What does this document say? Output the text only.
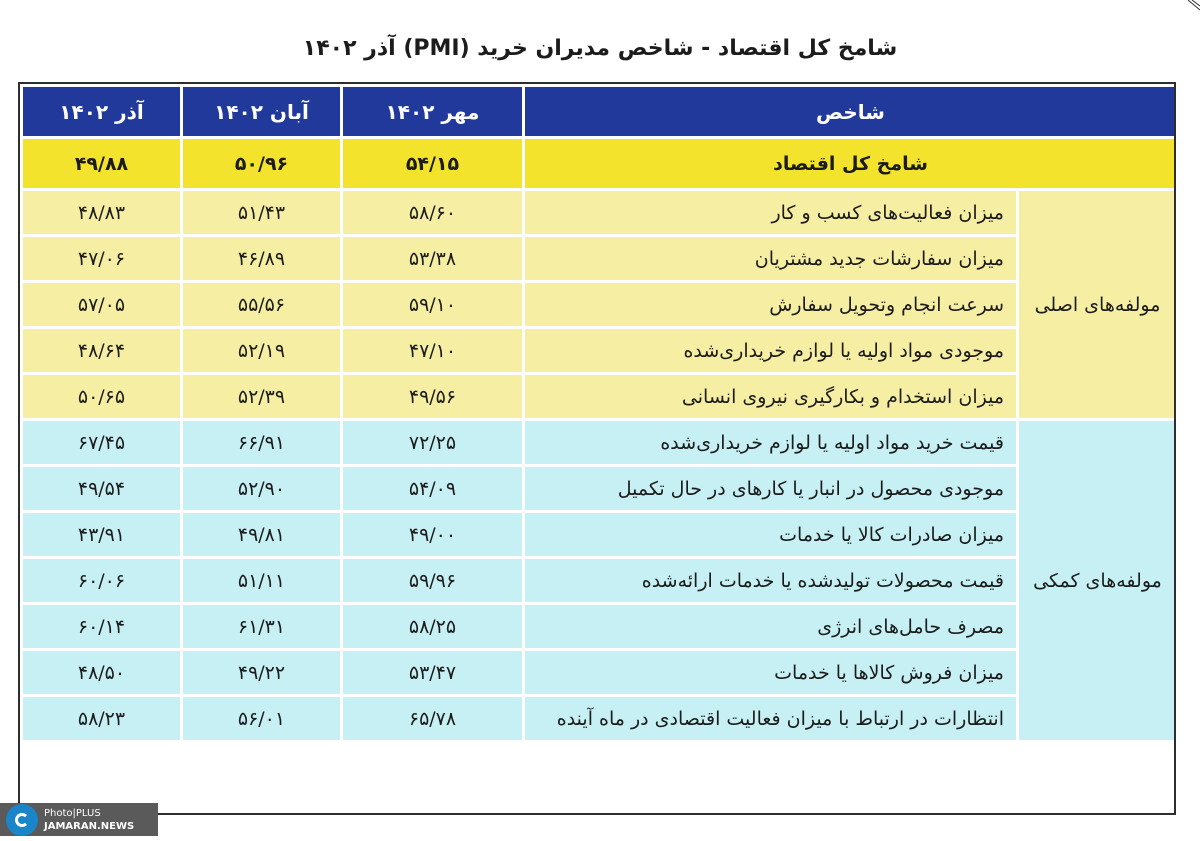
شامخ کل اقتصاد - شاخص مدیران خرید (PMI) آذر ۱۴۰۲
شاخص		مهر ۱۴۰۲	آبان ۱۴۰۲	آذر ۱۴۰۲
شامخ کل اقتصاد		۵۴/۱۵	۵۰/۹۶	۴۹/۸۸
مولفه‌های اصلی	میزان فعالیت‌های کسب و کار	۵۸/۶۰	۵۱/۴۳	۴۸/۸۳
	میزان سفارشات جدید مشتریان	۵۳/۳۸	۴۶/۸۹	۴۷/۰۶
	سرعت انجام وتحویل سفارش	۵۹/۱۰	۵۵/۵۶	۵۷/۰۵
	موجودی مواد اولیه یا لوازم خریداری‌شده	۴۷/۱۰	۵۲/۱۹	۴۸/۶۴
	میزان استخدام و بکارگیری نیروی انسانی	۴۹/۵۶	۵۲/۳۹	۵۰/۶۵
مولفه‌های کمکی	قیمت خرید مواد اولیه یا لوازم خریداری‌شده	۷۲/۲۵	۶۶/۹۱	۶۷/۴۵
	موجودی محصول در انبار یا کارهای در حال تکمیل	۵۴/۰۹	۵۲/۹۰	۴۹/۵۴
	میزان صادرات کالا یا خدمات	۴۹/۰۰	۴۹/۸۱	۴۳/۹۱
	قیمت محصولات تولیدشده یا خدمات ارائه‌شده	۵۹/۹۶	۵۱/۱۱	۶۰/۰۶
	مصرف حامل‌های انرژی	۵۸/۲۵	۶۱/۳۱	۶۰/۱۴
	میزان فروش کالاها یا خدمات	۵۳/۴۷	۴۹/۲۲	۴۸/۵۰
	انتظارات در ارتباط با میزان فعالیت اقتصادی در ماه آینده	۶۵/۷۸	۵۶/۰۱	۵۸/۲۳
Photo|PLUS
JAMARAN.NEWS
